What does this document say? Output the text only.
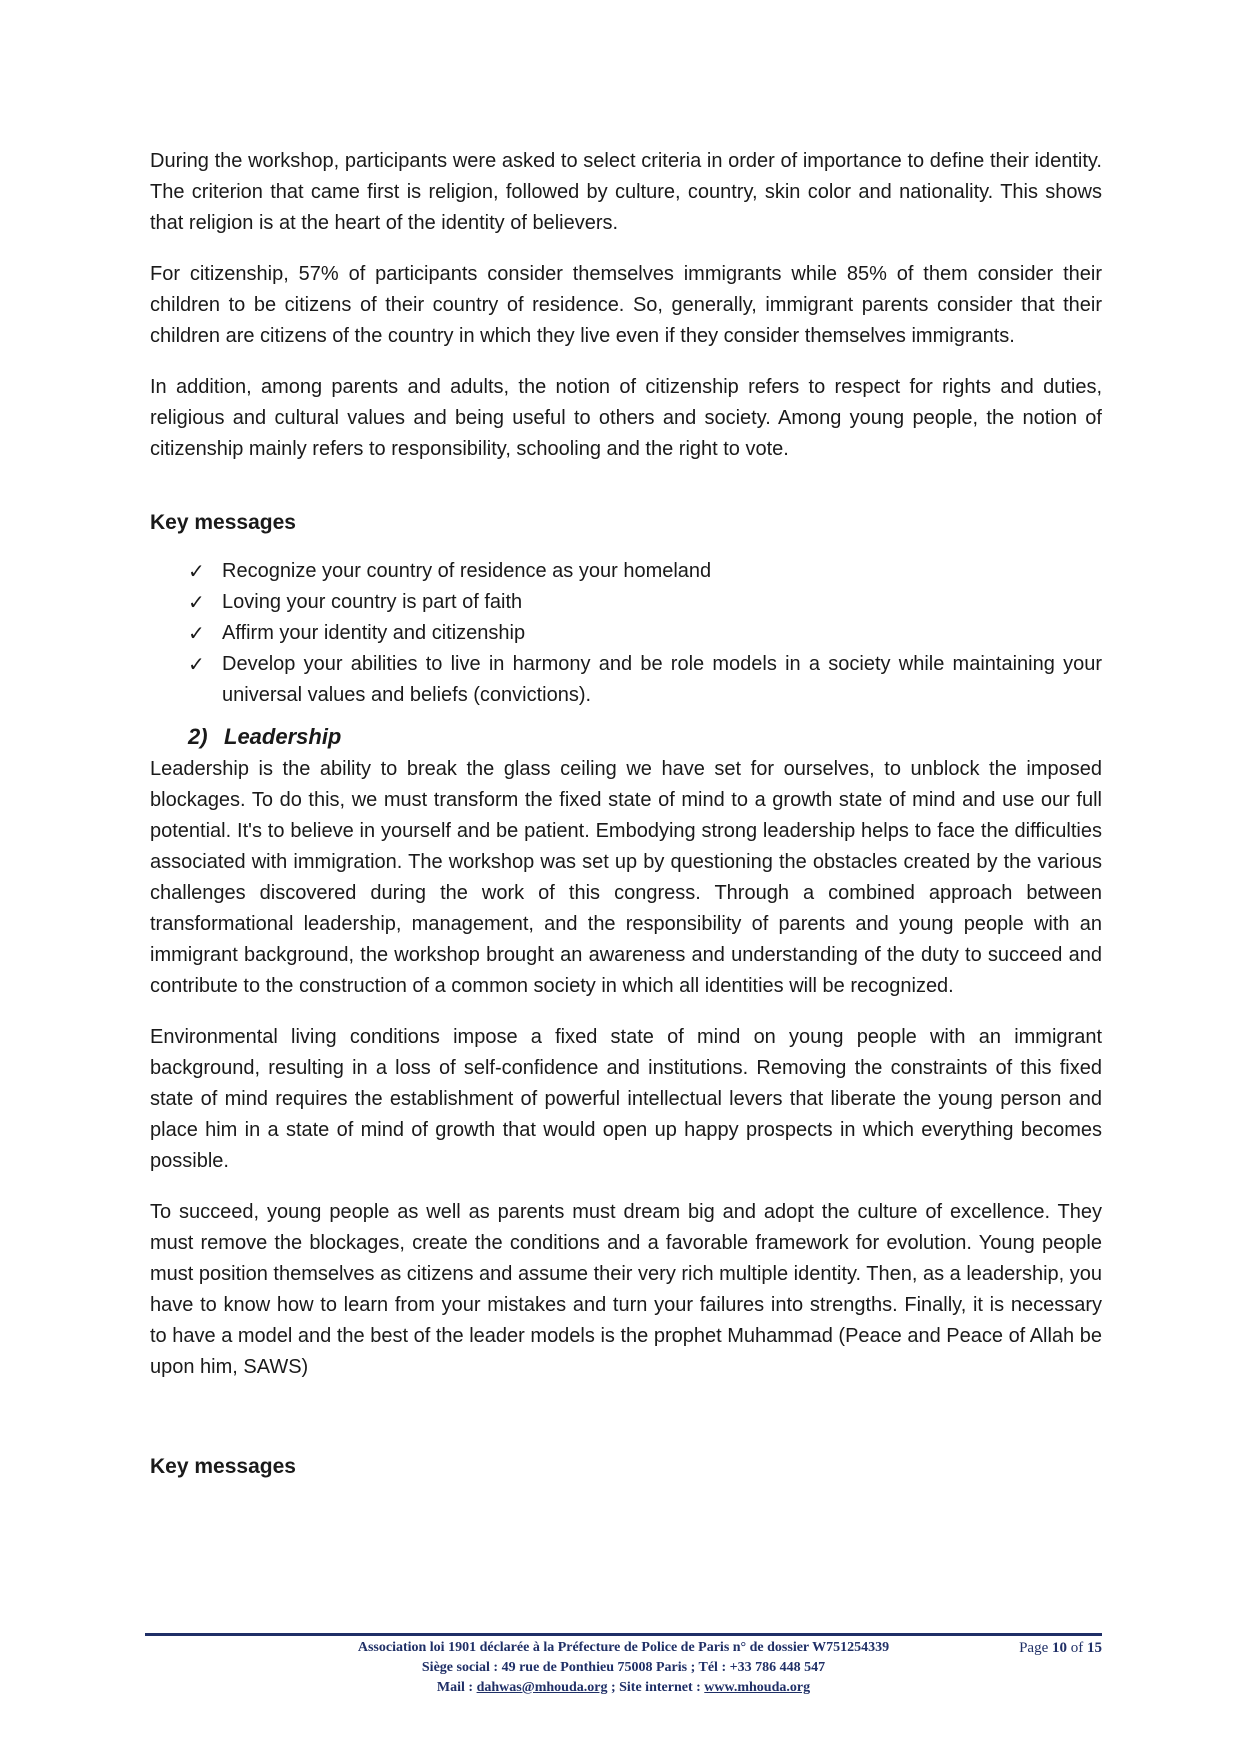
During the workshop, participants were asked to select criteria in order of importance to define their identity. The criterion that came first is religion, followed by culture, country, skin color and nationality. This shows that religion is at the heart of the identity of believers.

For citizenship, 57% of participants consider themselves immigrants while 85% of them consider their children to be citizens of their country of residence. So, generally, immigrant parents consider that their children are citizens of the country in which they live even if they consider themselves immigrants.

In addition, among parents and adults, the notion of citizenship refers to respect for rights and duties, religious and cultural values and being useful to others and society. Among young people, the notion of citizenship mainly refers to responsibility, schooling and the right to vote.

Key messages

✓ Recognize your country of residence as your homeland
✓ Loving your country is part of faith
✓ Affirm your identity and citizenship
✓ Develop your abilities to live in harmony and be role models in a society while maintaining your universal values and beliefs (convictions).

2) Leadership

Leadership is the ability to break the glass ceiling we have set for ourselves, to unblock the imposed blockages. To do this, we must transform the fixed state of mind to a growth state of mind and use our full potential. It's to believe in yourself and be patient. Embodying strong leadership helps to face the difficulties associated with immigration. The workshop was set up by questioning the obstacles created by the various challenges discovered during the work of this congress. Through a combined approach between transformational leadership, management, and the responsibility of parents and young people with an immigrant background, the workshop brought an awareness and understanding of the duty to succeed and contribute to the construction of a common society in which all identities will be recognized.

Environmental living conditions impose a fixed state of mind on young people with an immigrant background, resulting in a loss of self-confidence and institutions. Removing the constraints of this fixed state of mind requires the establishment of powerful intellectual levers that liberate the young person and place him in a state of mind of growth that would open up happy prospects in which everything becomes possible.

To succeed, young people as well as parents must dream big and adopt the culture of excellence. They must remove the blockages, create the conditions and a favorable framework for evolution. Young people must position themselves as citizens and assume their very rich multiple identity. Then, as a leadership, you have to know how to learn from your mistakes and turn your failures into strengths. Finally, it is necessary to have a model and the best of the leader models is the prophet Muhammad (Peace and Peace of Allah be upon him, SAWS)

Key messages

Association loi 1901 déclarée à la Préfecture de Police de Paris n° de dossier W751254339	Page 10 of 15
Siège social : 49 rue de Ponthieu 75008 Paris ; Tél : +33 786 448 547
Mail : dahwas@mhouda.org ; Site internet : www.mhouda.org
